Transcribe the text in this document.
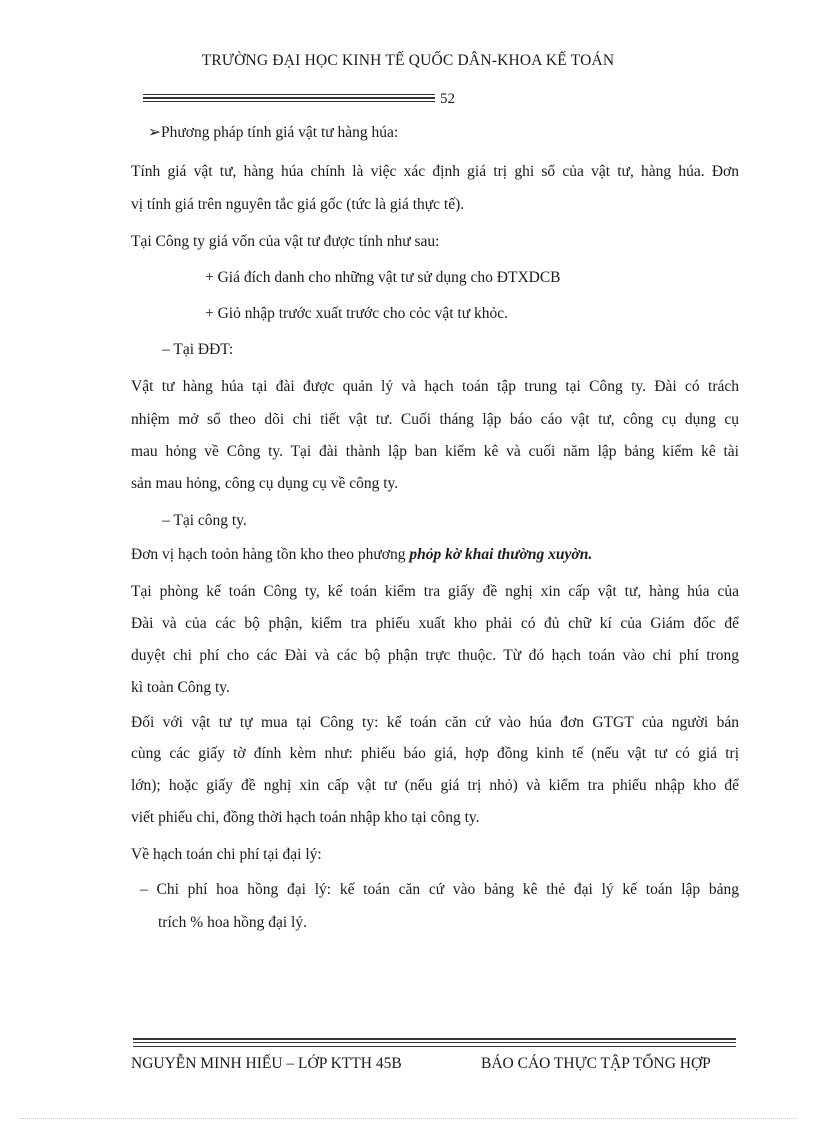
TRƯỜNG ĐẠI HỌC KINH TẾ QUỐC DÂN-KHOA KẾ TOÁN
52
➢Phương pháp tính giá vật tư hàng húa:
Tính giá vật tư, hàng húa chính là việc xác định giá trị ghi sổ của vật tư, hàng húa. Đơn
vị tính giá trên nguyên tắc giá gốc (tức là giá thực tế).
Tại Công ty giá vốn của vật tư được tính như sau:
+ Giá đích danh cho những vật tư sử dụng cho ĐTXDCB
+ Giỏ nhập trước xuất trước cho cỏc vật tư khỏc.
– Tại ĐĐT:
Vật tư hàng húa tại đài được quản lý và hạch toán tập trung tại Công ty. Đài có trách
nhiệm mở sổ theo dõi chi tiết vật tư. Cuối tháng lập báo cáo vật tư, công cụ dụng cụ
mau hỏng về Công ty. Tại đài thành lập ban kiểm kê và cuối năm lập bảng kiểm kê tài
sản mau hỏng, công cụ dụng cụ về công ty.
– Tại công ty.
Đơn vị hạch toỏn hàng tồn kho theo phương phỏp kờ khai thường xuyờn.
Tại phòng kế toán Công ty, kế toán kiểm tra giấy đề nghị xin cấp vật tư, hàng húa của
Đài và của các bộ phận, kiểm tra phiếu xuất kho phải có đủ chữ kí của Giám đốc để
duyệt chi phí cho các Đài và các bộ phận trực thuộc. Từ đó hạch toán vào chi phí trong
kì toàn Công ty.
Đối với vật tư tự mua tại Công ty: kế toán căn cứ vào húa đơn GTGT của người bán
cùng các giấy tờ đính kèm như: phiếu báo giá, hợp đồng kinh tế (nếu vật tư có giá trị
lớn); hoặc giấy đề nghị xin cấp vật tư (nếu giá trị nhỏ) và kiểm tra phiếu nhập kho để
viết phiếu chi, đồng thời hạch toán nhập kho tại công ty.
Về hạch toán chi phí tại đại lý:
– Chi phí hoa hồng đại lý: kế toán căn cứ vào bảng kê thẻ đại lý kế toán lập bảng
trích % hoa hồng đại lý.
NGUYỄN MINH HIẾU – LỚP KTTH 45B	BÁO CÁO THỰC TẬP TỔNG HỢP
